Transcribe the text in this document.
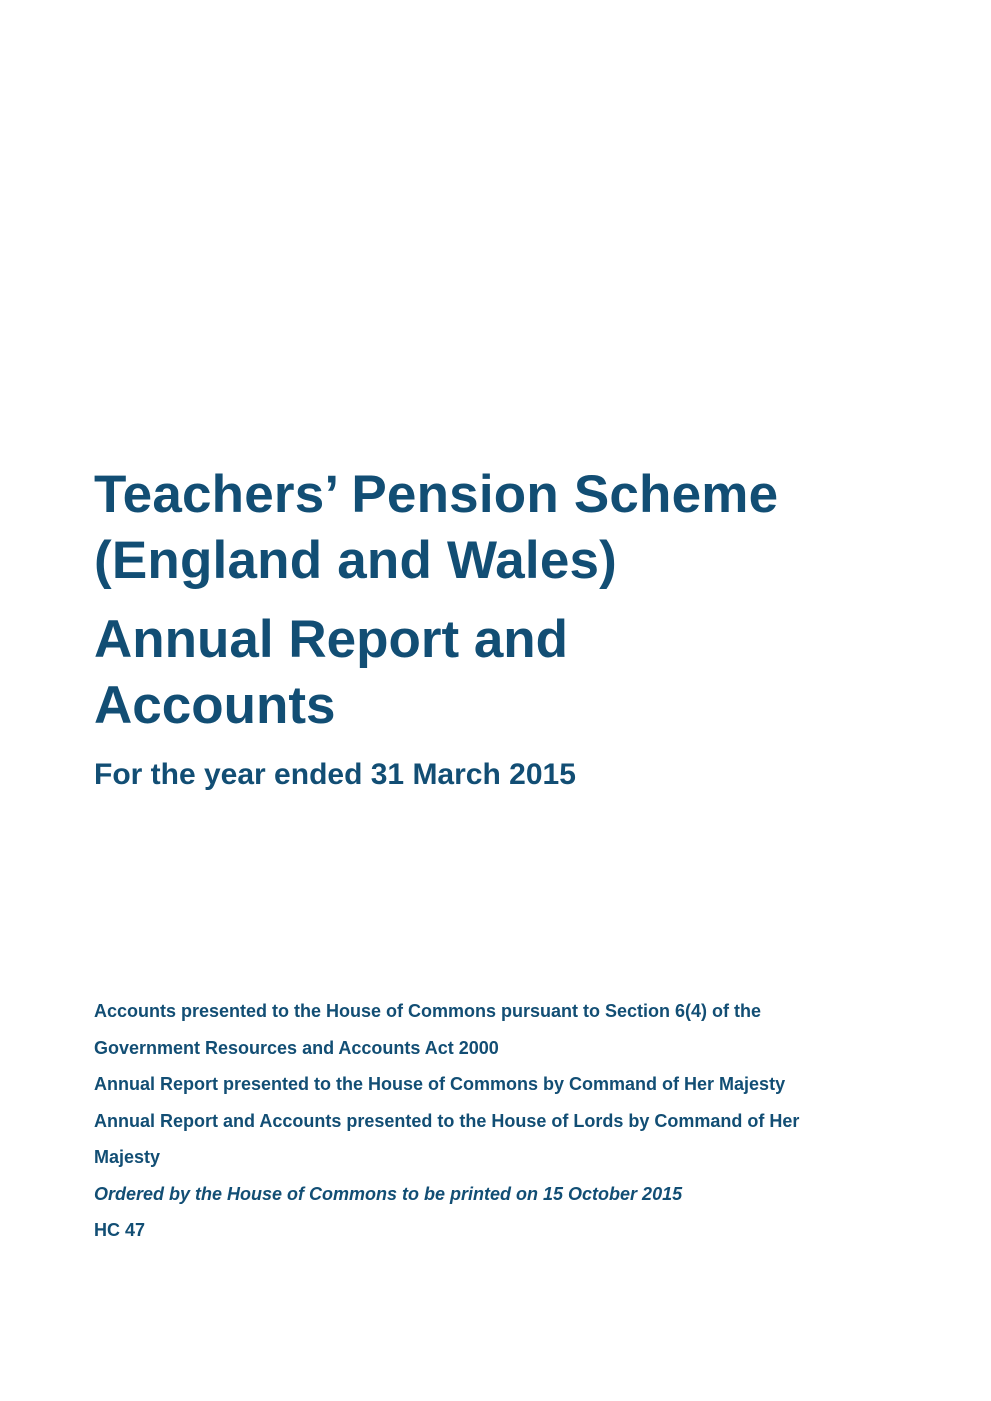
Teachers’ Pension Scheme

(England and Wales)

Annual Report and

Accounts

For the year ended 31 March 2015

Accounts presented to the House of Commons pursuant to Section 6(4) of the

Government Resources and Accounts Act 2000

Annual Report presented to the House of Commons by Command of Her Majesty

Annual Report and Accounts presented to the House of Lords by Command of Her

Majesty

Ordered by the House of Commons to be printed on 15 October 2015

HC 47
